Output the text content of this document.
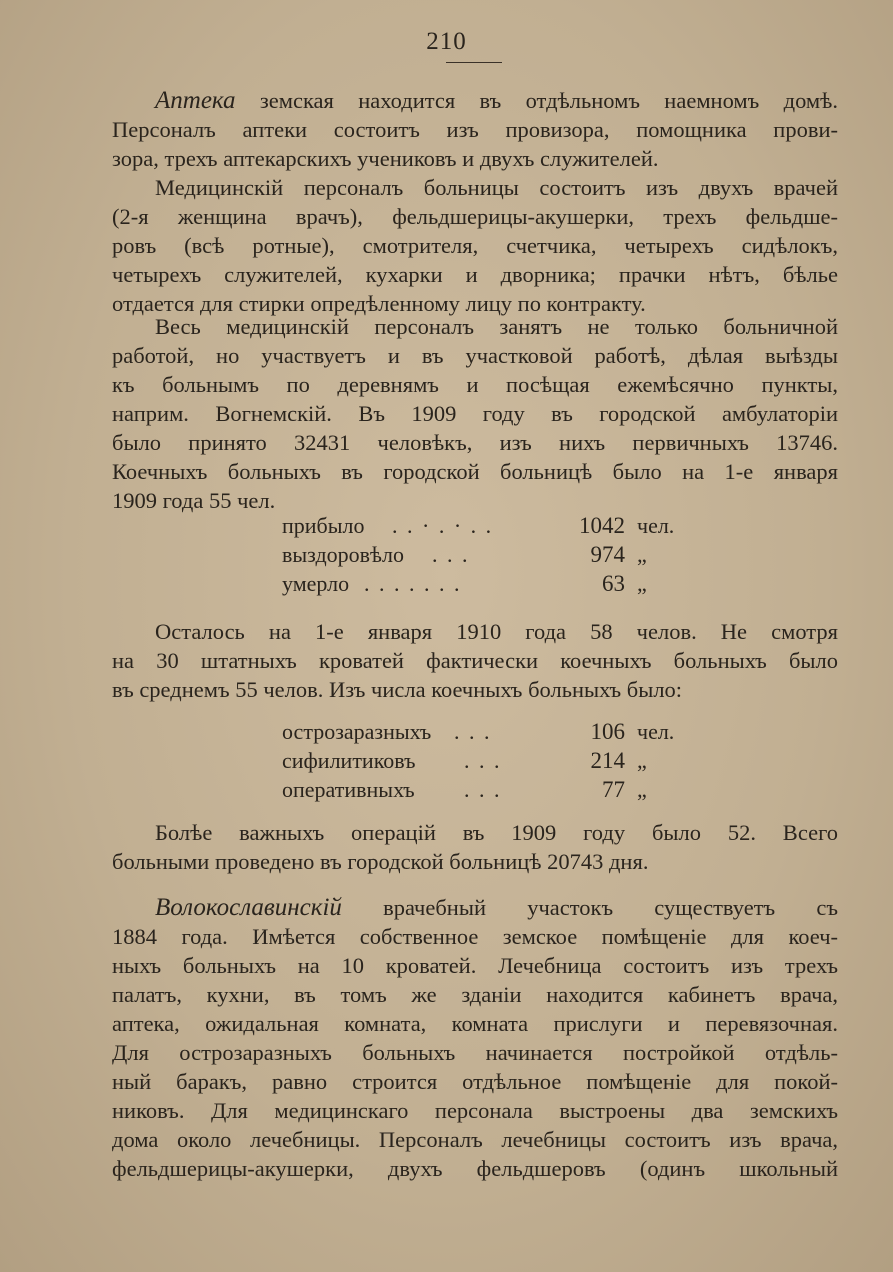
210
Аптека земская находится въ отдѣльномъ наемномъ домѣ.
Персоналъ аптеки состоитъ изъ провизора, помощника прови-
зора, трехъ аптекарскихъ учениковъ и двухъ служителей.
Медицинскій персоналъ больницы состоитъ изъ двухъ врачей
(2-я женщина врачъ), фельдшерицы-акушерки, трехъ фельдше-
ровъ (всѣ ротные), смотрителя, счетчика, четырехъ сидѣлокъ,
четырехъ служителей, кухарки и дворника; прачки нѣтъ, бѣлье
отдается для стирки опредѣленному лицу по контракту.
Весь медицинскій персоналъ занятъ не только больничной
работой, но участвуетъ и въ участковой работѣ, дѣлая выѣзды
къ больнымъ по деревнямъ и посѣщая ежемѣсячно пункты,
наприм. Вогнемскій. Въ 1909 году въ городской амбулаторіи
было принято 32431 человѣкъ, изъ нихъ первичныхъ 13746.
Коечныхъ больныхъ въ городской больницѣ было на 1-е января
1909 года 55 чел.
прибыло . . · . · . .	1042 чел.
выздоровѣло . . .	974 „
умерло . . . . . . .	63 „
Осталось на 1-е января 1910 года 58 челов. Не смотря
на 30 штатныхъ кроватей фактически коечныхъ больныхъ было
въ среднемъ 55 челов. Изъ числа коечныхъ больныхъ было:
острозаразныхъ . . .	106 чел.
сифилитиковъ . . .	214 „
оперативныхъ . . .	77 „
Болѣе важныхъ операцій въ 1909 году было 52. Всего
больными проведено въ городской больницѣ 20743 дня.
Волокославинскій врачебный участокъ существуетъ съ
1884 года. Имѣется собственное земское помѣщеніе для коеч-
ныхъ больныхъ на 10 кроватей. Лечебница состоитъ изъ трехъ
палатъ, кухни, въ томъ же зданіи находится кабинетъ врача,
аптека, ожидальная комната, комната прислуги и перевязочная.
Для острозаразныхъ больныхъ начинается постройкой отдѣль-
ный баракъ, равно строится отдѣльное помѣщеніе для покой-
никовъ. Для медицинскаго персонала выстроены два земскихъ
дома около лечебницы. Персоналъ лечебницы состоитъ изъ врача,
фельдшерицы-акушерки, двухъ фельдшеровъ (одинъ школьный
